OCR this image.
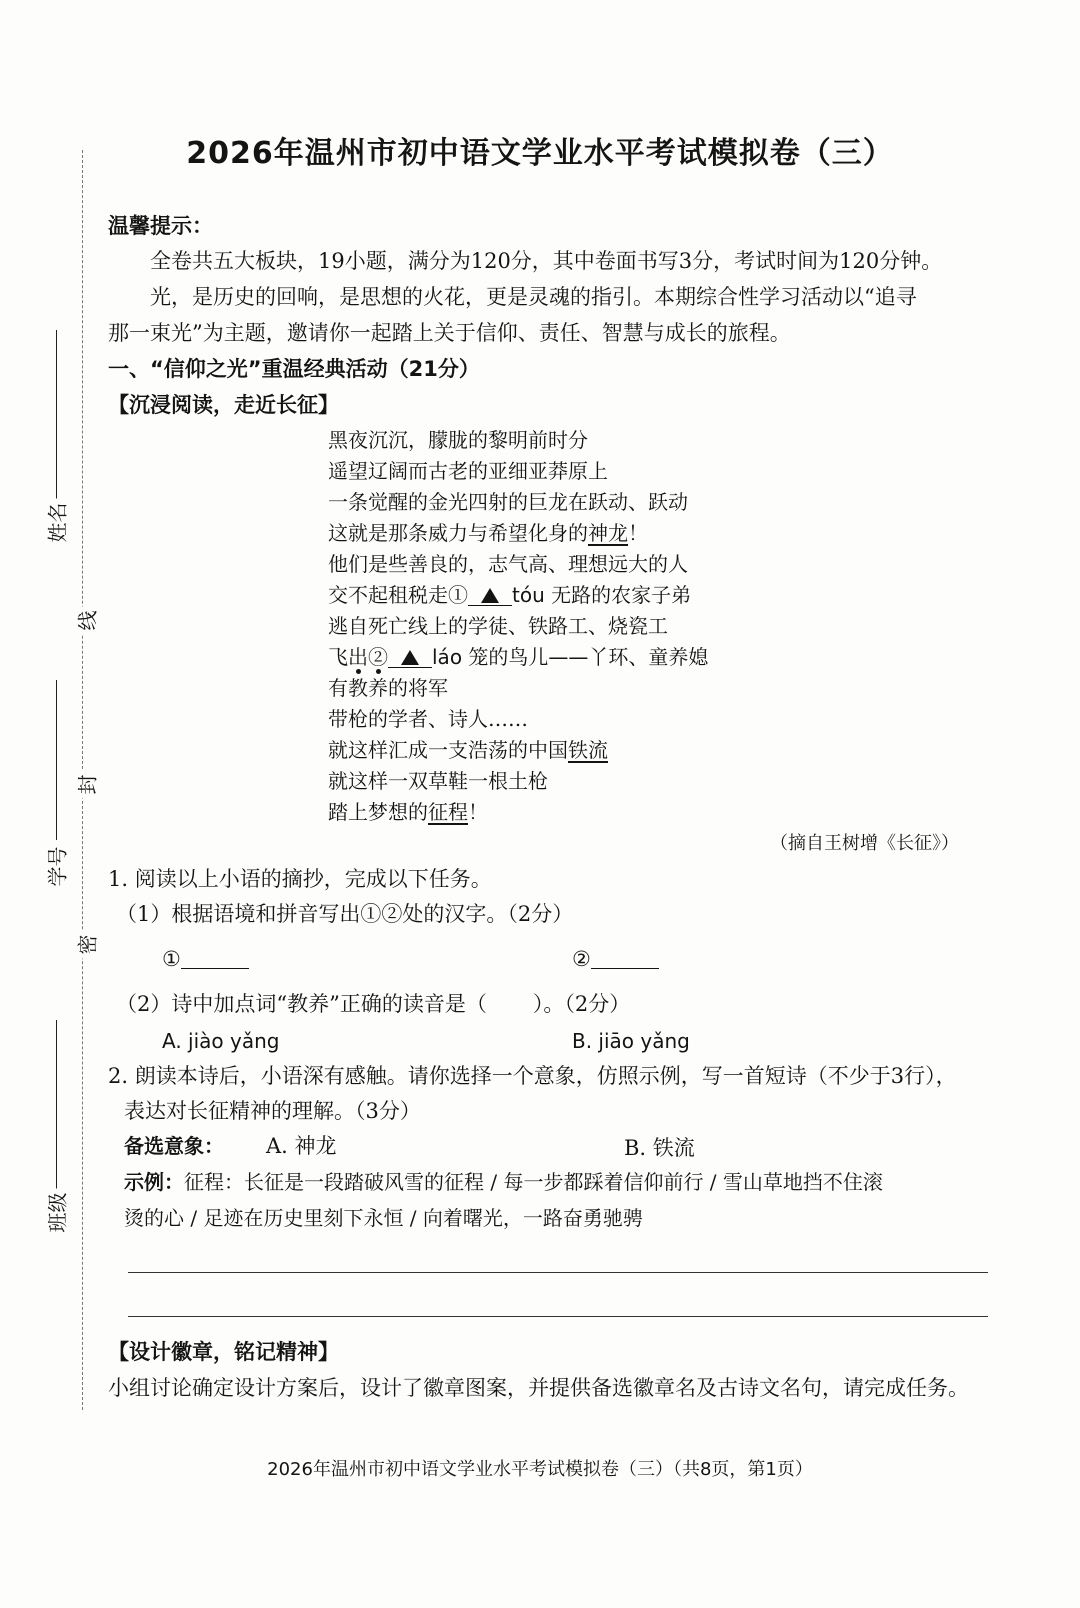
姓名
线
封
学号
密
班级
2026年温州市初中语文学业水平考试模拟卷（三）
温馨提示：
全卷共五大板块，19小题，满分为120分，其中卷面书写3分，考试时间为120分钟。
光，是历史的回响，是思想的火花，更是灵魂的指引。本期综合性学习活动以“追寻
那一束光”为主题，邀请你一起踏上关于信仰、责任、智慧与成长的旅程。
一、“信仰之光”重温经典活动（21分）
【沉浸阅读，走近长征】
黑夜沉沉，朦胧的黎明前时分
遥望辽阔而古老的亚细亚莽原上
一条觉醒的金光四射的巨龙在跃动、跃动
这就是那条威力与希望化身的神龙！
他们是些善良的，志气高、理想远大的人
交不起租税走① tóu 无路的农家子弟
逃自死亡线上的学徒、铁路工、烧瓷工
飞出② láo 笼的鸟儿——丫环、童养媳
有教养的将军
带枪的学者、诗人……
就这样汇成一支浩荡的中国铁流
就这样一双草鞋一根土枪
踏上梦想的征程！
（摘自王树增《长征》）
1. 阅读以上小语的摘抄，完成以下任务。
（1）根据语境和拼音写出①②处的汉字。（2分）
①	②
（2）诗中加点词“教养”正确的读音是（ ）。（2分）
A. jiào yǎng	B. jiāo yǎng
2. 朗读本诗后，小语深有感触。请你选择一个意象，仿照示例，写一首短诗（不少于3行），
表达对长征精神的理解。（3分）
备选意象： A. 神龙	B. 铁流
示例：征程：长征是一段踏破风雪的征程 / 每一步都踩着信仰前行 / 雪山草地挡不住滚
烫的心 / 足迹在历史里刻下永恒 / 向着曙光，一路奋勇驰骋
【设计徽章，铭记精神】
小组讨论确定设计方案后，设计了徽章图案，并提供备选徽章名及古诗文名句，请完成任务。
2026年温州市初中语文学业水平考试模拟卷（三）（共8页，第1页）
